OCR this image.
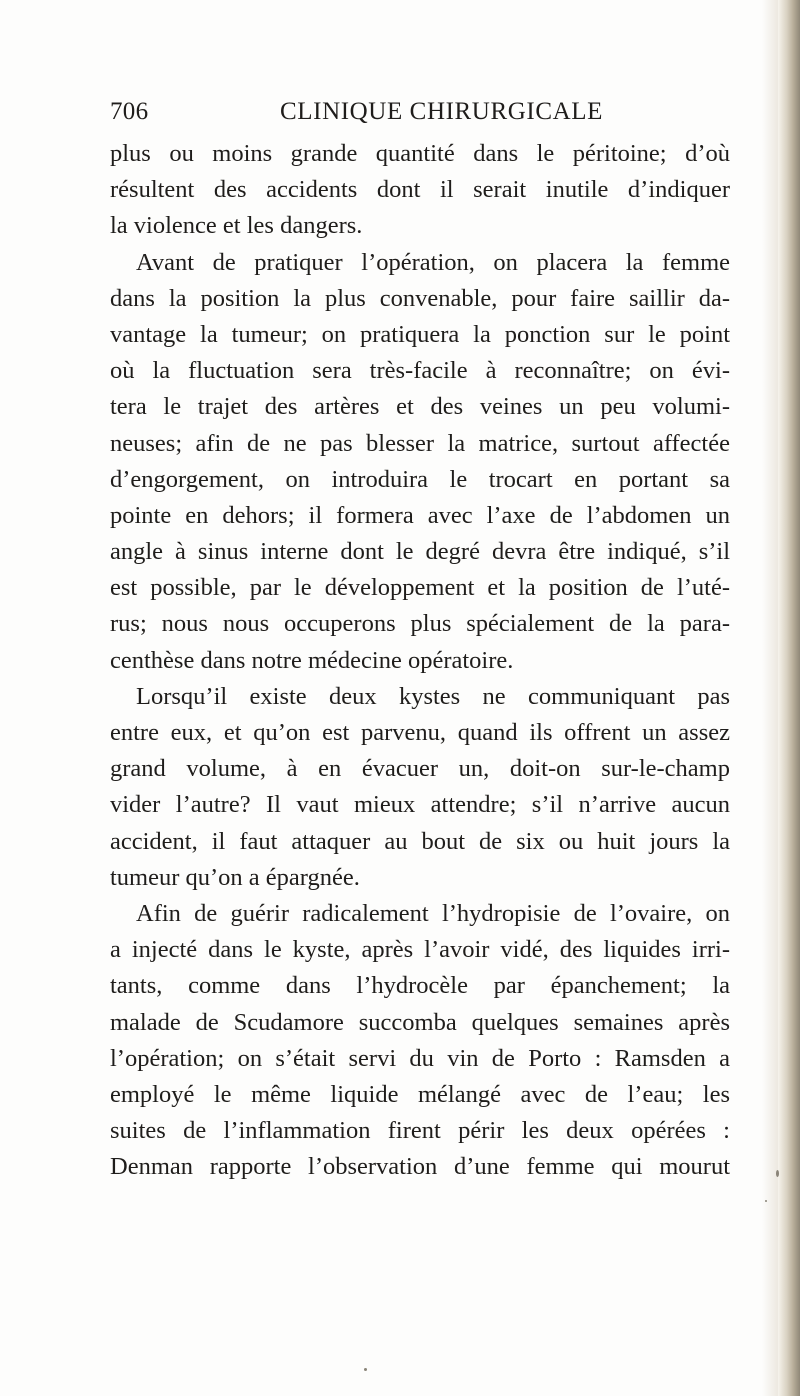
706	CLINIQUE CHIRURGICALE
plus ou moins grande quantité dans le péritoine; d’où
résultent des accidents dont il serait inutile d’indiquer
la violence et les dangers.
Avant de pratiquer l’opération, on placera la femme
dans la position la plus convenable, pour faire saillir da-
vantage la tumeur; on pratiquera la ponction sur le point
où la fluctuation sera très-facile à reconnaître; on évi-
tera le trajet des artères et des veines un peu volumi-
neuses; afin de ne pas blesser la matrice, surtout affectée
d’engorgement, on introduira le trocart en portant sa
pointe en dehors; il formera avec l’axe de l’abdomen un
angle à sinus interne dont le degré devra être indiqué, s’il
est possible, par le développement et la position de l’uté-
rus; nous nous occuperons plus spécialement de la para-
centhèse dans notre médecine opératoire.
Lorsqu’il existe deux kystes ne communiquant pas
entre eux, et qu’on est parvenu, quand ils offrent un assez
grand volume, à en évacuer un, doit-on sur-le-champ
vider l’autre? Il vaut mieux attendre; s’il n’arrive aucun
accident, il faut attaquer au bout de six ou huit jours la
tumeur qu’on a épargnée.
Afin de guérir radicalement l’hydropisie de l’ovaire, on
a injecté dans le kyste, après l’avoir vidé, des liquides irri-
tants, comme dans l’hydrocèle par épanchement; la
malade de Scudamore succomba quelques semaines après
l’opération; on s’était servi du vin de Porto : Ramsden a
employé le même liquide mélangé avec de l’eau; les
suites de l’inflammation firent périr les deux opérées :
Denman rapporte l’observation d’une femme qui mourut
